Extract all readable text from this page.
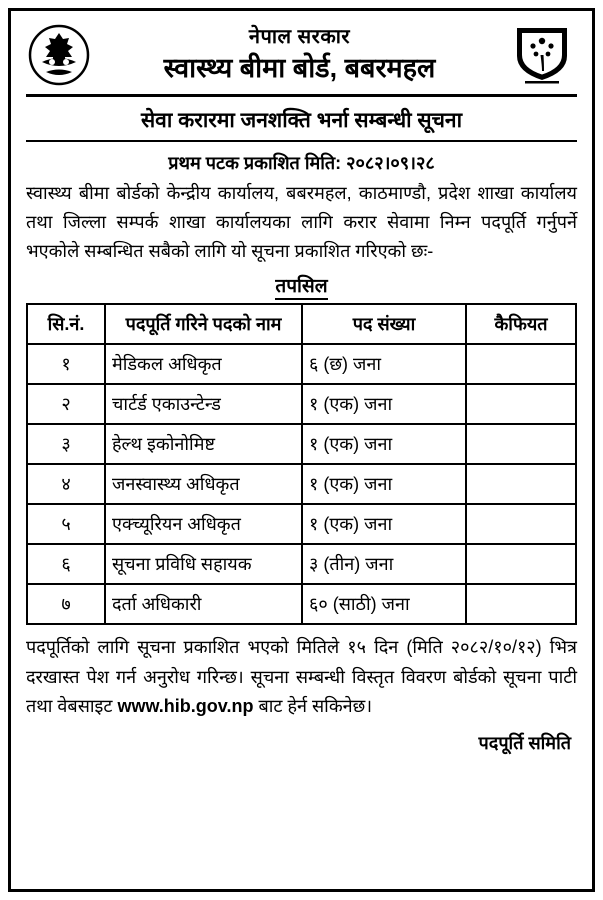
नेपाल सरकार
स्वास्थ्य बीमा बोर्ड, बबरमहल
सेवा करारमा जनशक्ति भर्ना सम्बन्धी सूचना
प्रथम पटक प्रकाशित मिति: २०८२।०९।२८
स्वास्थ्य बीमा बोर्डको केन्द्रीय कार्यालय, बबरमहल, काठमाण्डौ, प्रदेश शाखा कार्यालय तथा जिल्ला सम्पर्क शाखा कार्यालयका लागि करार सेवामा निम्न पदपूर्ति गर्नुपर्ने भएकोले सम्बन्धित सबैको लागि यो सूचना प्रकाशित गरिएको छः-
तपसिल
सि.नं.	पदपूर्ति गरिने पदको नाम	पद संख्या	कैफियत
१	मेडिकल अधिकृत	६ (छ) जना	
२	चार्टर्ड एकाउन्टेन्ड	१ (एक) जना	
३	हेल्थ इकोनोमिष्ट	१ (एक) जना	
४	जनस्वास्थ्य अधिकृत	१ (एक) जना	
५	एक्च्यूरियन अधिकृत	१ (एक) जना	
६	सूचना प्रविधि सहायक	३ (तीन) जना	
७	दर्ता अधिकारी	६० (साठी) जना	
पदपूर्तिको लागि सूचना प्रकाशित भएको मितिले १५ दिन (मिति २०८२/१०/१२) भित्र दरखास्त पेश गर्न अनुरोध गरिन्छ। सूचना सम्बन्धी विस्तृत विवरण बोर्डको सूचना पाटी तथा वेबसाइट www.hib.gov.np बाट हेर्न सकिनेछ।
पदपूर्ति समिति
